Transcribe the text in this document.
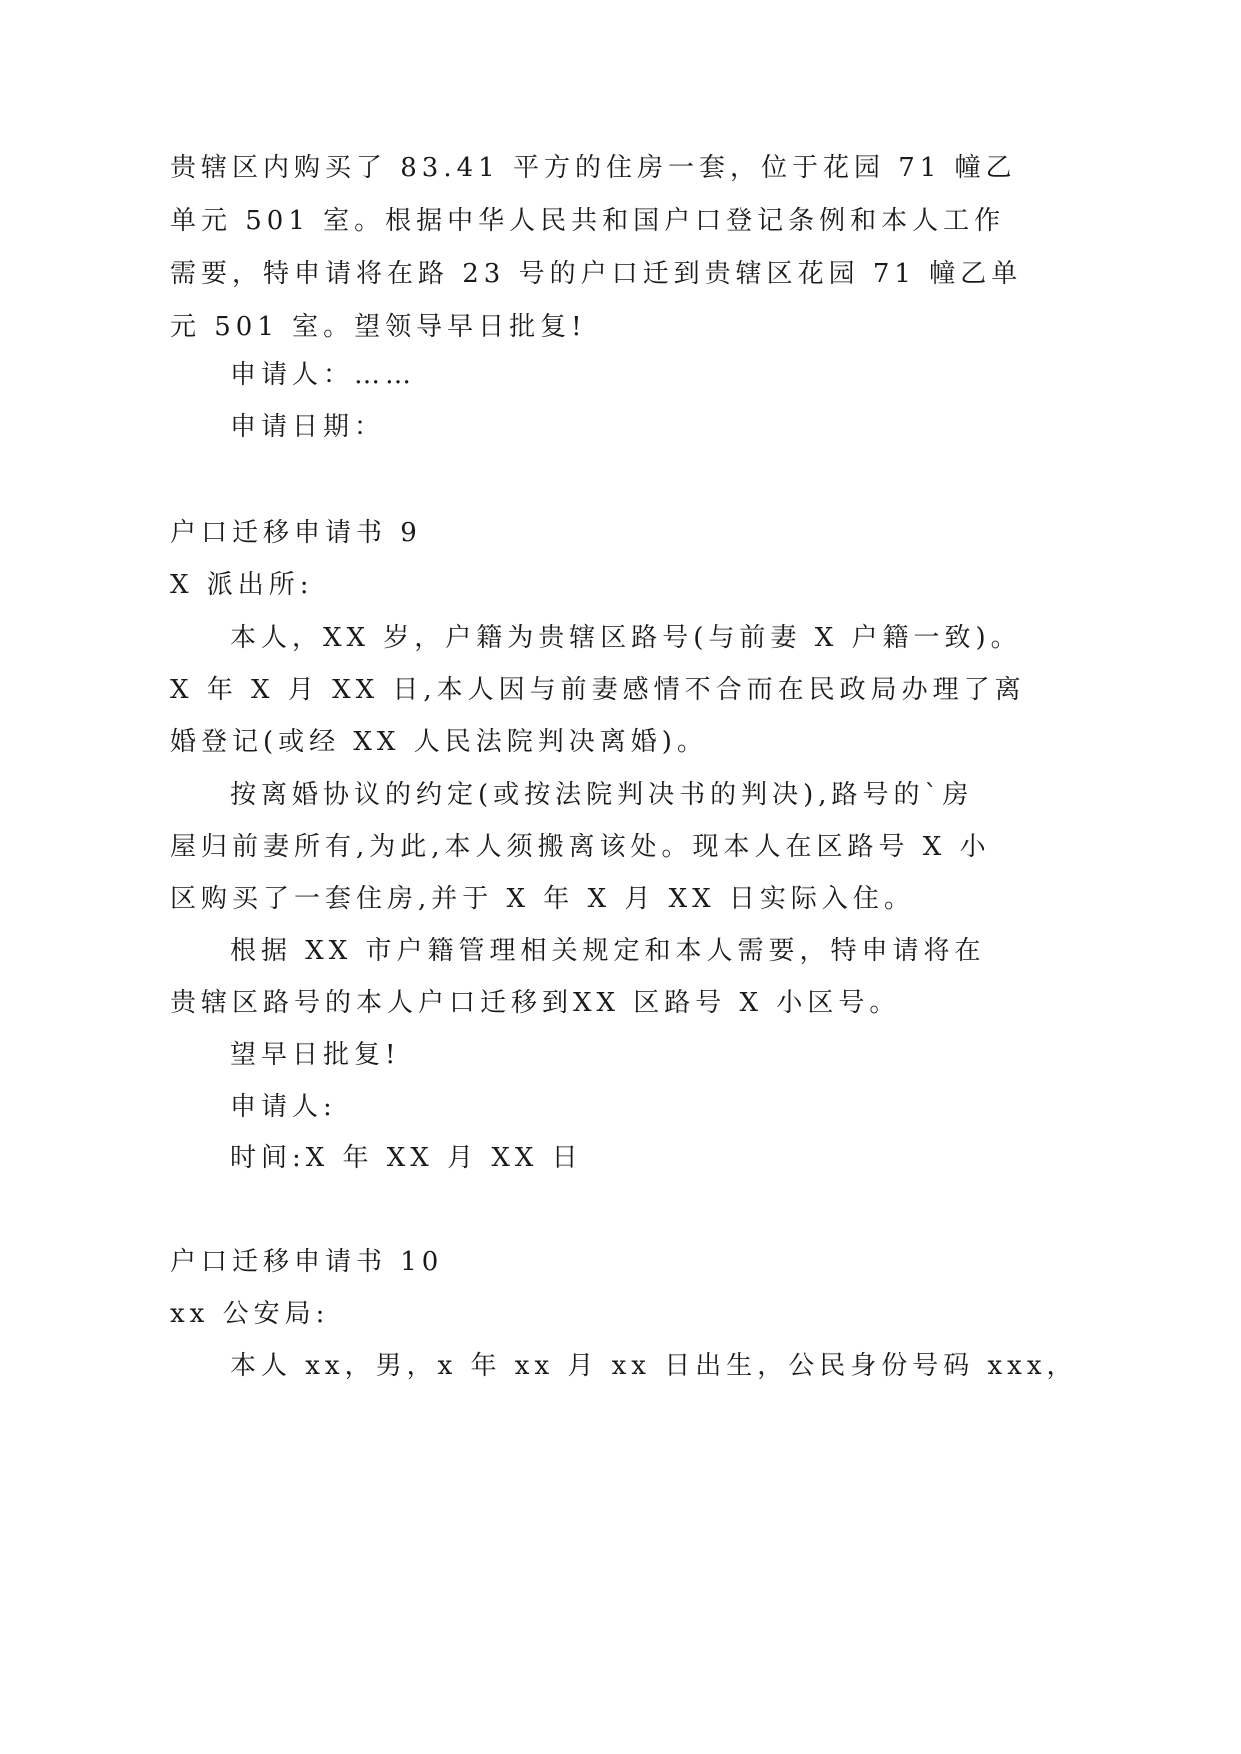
贵辖区内购买了 83.41 平方的住房一套，位于花园 71 幢乙
单元 501 室。根据中华人民共和国户口登记条例和本人工作
需要，特申请将在路 23 号的户口迁到贵辖区花园 71 幢乙单
元 501 室。望领导早日批复!
申请人：……
申请日期：
户口迁移申请书 9
X 派出所:
本人，XX 岁，户籍为贵辖区路号(与前妻 X 户籍一致)。
X 年 X 月 XX 日,本人因与前妻感情不合而在民政局办理了离
婚登记(或经 XX 人民法院判决离婚)。
按离婚协议的约定(或按法院判决书的判决),路号的`房
屋归前妻所有,为此,本人须搬离该处。现本人在区路号 X 小
区购买了一套住房,并于 X 年 X 月 XX 日实际入住。
根据 XX 市户籍管理相关规定和本人需要，特申请将在
贵辖区路号的本人户口迁移到XX 区路号 X 小区号。
望早日批复!
申请人:
时间:X 年 XX 月 XX 日
户口迁移申请书 10
xx 公安局:
本人 xx，男，x 年 xx 月 xx 日出生，公民身份号码 xxx，
